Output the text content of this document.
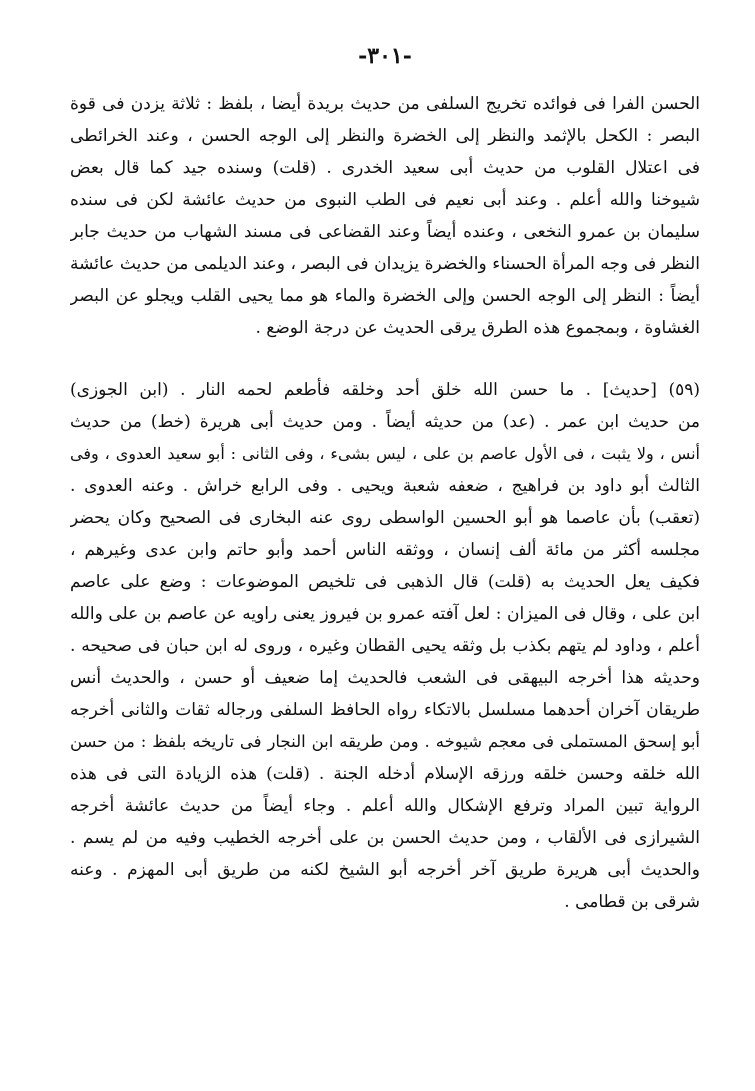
-٣٠١-
الحسن الفرا فى فوائده تخريج السلفى من حديث بريدة أيضا ، بلفظ : ثلاثة يزدن فى قوة
البصر : الكحل بالإثمد والنظر إلى الخضرة والنظر إلى الوجه الحسن ، وعند الخرائطى
فى اعتلال القلوب من حديث أبى سعيد الخدرى . (قلت) وسنده جيد كما قال بعض
شيوخنا والله أعلم . وعند أبى نعيم فى الطب النبوى من حديث عائشة لكن فى سنده
سليمان بن عمرو النخعى ، وعنده أيضاً وعند القضاعى فى مسند الشهاب من حديث جابر
النظر فى وجه المرأة الحسناء والخضرة يزيدان فى البصر ، وعند الديلمى من حديث عائشة
أيضاً : النظر إلى الوجه الحسن وإلى الخضرة والماء هو مما يحيى القلب ويجلو عن البصر
الغشاوة ، وبمجموع هذه الطرق يرقى الحديث عن درجة الوضع .
(٥٩) [حديث] . ما حسن الله خلق أحد وخلقه فأطعم لحمه النار . (ابن الجوزى)
من حديث ابن عمر . (عد) من حديثه أيضاً . ومن حديث أبى هريرة (خط) من حديث
أنس ، ولا يثبت ، فى الأول عاصم بن على ، ليس بشىء ، وفى الثانى : أبو سعيد العدوى ، وفى
الثالث أبو داود بن فراهيج ، ضعفه شعبة ويحيى . وفى الرابع خراش . وعنه العدوى .
(تعقب) بأن عاصما هو أبو الحسين الواسطى روى عنه البخارى فى الصحيح وكان يحضر
مجلسه أكثر من مائة ألف إنسان ، ووثقه الناس أحمد وأبو حاتم وابن عدى وغيرهم ،
فكيف يعل الحديث به (قلت) قال الذهبى فى تلخيص الموضوعات : وضع على عاصم
ابن على ، وقال فى الميزان : لعل آفته عمرو بن فيروز يعنى راويه عن عاصم بن على والله
أعلم ، وداود لم يتهم بكذب بل وثقه يحيى القطان وغيره ، وروى له ابن حبان فى صحيحه .
وحديثه هذا أخرجه البيهقى فى الشعب فالحديث إما ضعيف أو حسن ، والحديث أنس
طريقان آخران أحدهما مسلسل بالاتكاء رواه الحافظ السلفى ورجاله ثقات والثانى أخرجه
أبو إسحق المستملى فى معجم شيوخه . ومن طريقه ابن النجار فى تاريخه بلفظ : من حسن
الله خلقه وحسن خلقه ورزقه الإسلام أدخله الجنة . (قلت) هذه الزيادة التى فى هذه
الرواية تبين المراد وترفع الإشكال والله أعلم . وجاء أيضاً من حديث عائشة أخرجه
الشيرازى فى الألقاب ، ومن حديث الحسن بن على أخرجه الخطيب وفيه من لم يسم .
والحديث أبى هريرة طريق آخر أخرجه أبو الشيخ لكنه من طريق أبى المهزم . وعنه
شرقى بن قطامى .
